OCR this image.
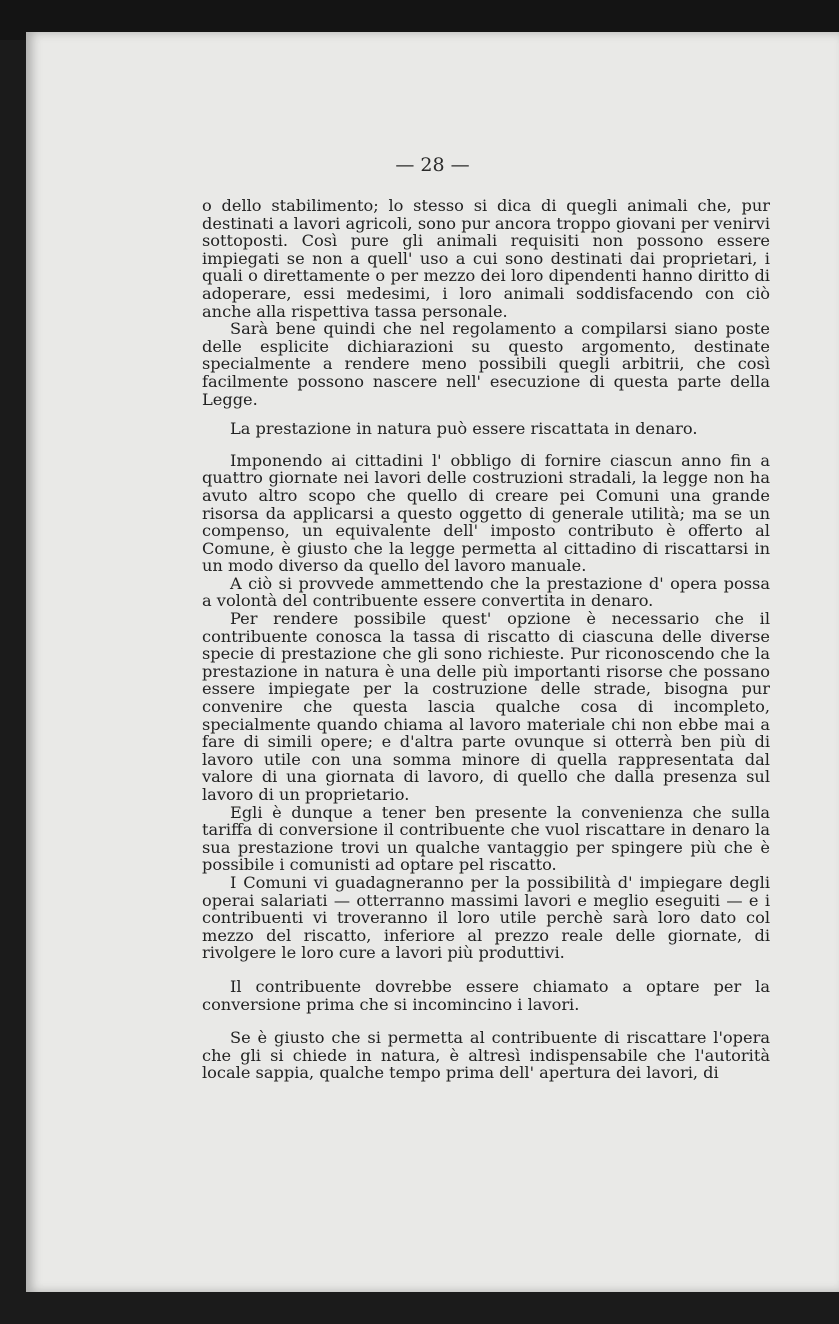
— 28 —

o dello stabilimento; lo stesso si dica di quegli animali che, pur destinati a lavori agricoli, sono pur ancora troppo giovani per venirvi sottoposti. Così pure gli animali requisiti non possono essere impiegati se non a quell' uso a cui sono destinati dai proprietari, i quali o direttamente o per mezzo dei loro dipendenti hanno diritto di adoperare, essi medesimi, i loro animali soddisfacendo con ciò anche alla rispettiva tassa personale.

Sarà bene quindi che nel regolamento a compilarsi siano poste delle esplicite dichiarazioni su questo argomento, destinate specialmente a rendere meno possibili quegli arbitrii, che così facilmente possono nascere nell' esecuzione di questa parte della Legge.

La prestazione in natura può essere riscattata in denaro.

Imponendo ai cittadini l' obbligo di fornire ciascun anno fin a quattro giornate nei lavori delle costruzioni stradali, la legge non ha avuto altro scopo che quello di creare pei Comuni una grande risorsa da applicarsi a questo oggetto di generale utilità; ma se un compenso, un equivalente dell' imposto contributo è offerto al Comune, è giusto che la legge permetta al cittadino di riscattarsi in un modo diverso da quello del lavoro manuale.

A ciò si provvede ammettendo che la prestazione d' opera possa a volontà del contribuente essere convertita in denaro.

Per rendere possibile quest' opzione è necessario che il contribuente conosca la tassa di riscatto di ciascuna delle diverse specie di prestazione che gli sono richieste. Pur riconoscendo che la prestazione in natura è una delle più importanti risorse che possano essere impiegate per la costruzione delle strade, bisogna pur convenire che questa lascia qualche cosa di incompleto, specialmente quando chiama al lavoro materiale chi non ebbe mai a fare di simili opere; e d'altra parte ovunque si otterrà ben più di lavoro utile con una somma minore di quella rappresentata dal valore di una giornata di lavoro, di quello che dalla presenza sul lavoro di un proprietario.

Egli è dunque a tener ben presente la convenienza che sulla tariffa di conversione il contribuente che vuol riscattare in denaro la sua prestazione trovi un qualche vantaggio per spingere più che è possibile i comunisti ad optare pel riscatto.

I Comuni vi guadagneranno per la possibilità d' impiegare degli operai salariati — otterranno massimi lavori e meglio eseguiti — e i contribuenti vi troveranno il loro utile perchè sarà loro dato col mezzo del riscatto, inferiore al prezzo reale delle giornate, di rivolgere le loro cure a lavori più produttivi.

Il contribuente dovrebbe essere chiamato a optare per la conversione prima che si incomincino i lavori.

Se è giusto che si permetta al contribuente di riscattare l'opera che gli si chiede in natura, è altresì indispensabile che l'autorità locale sappia, qualche tempo prima dell' apertura dei lavori, di
